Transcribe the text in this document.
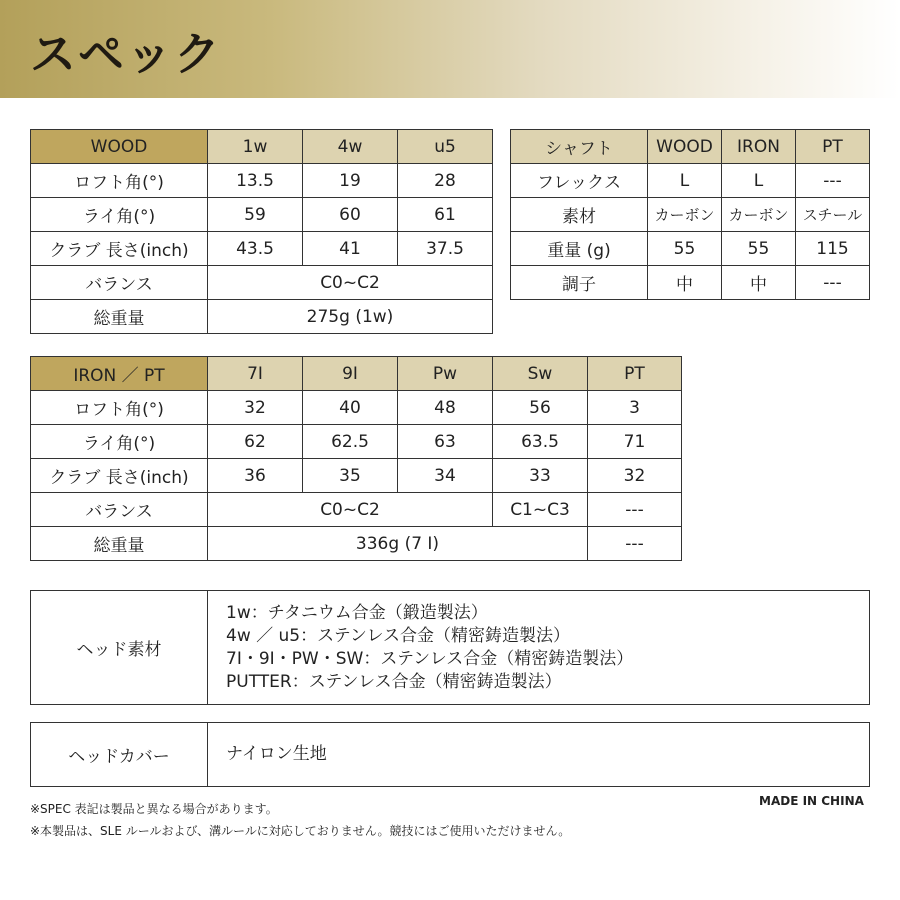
スペック
WOOD	1w	4w	u5
ロフト角(°)	13.5	19	28
ライ角(°)	59	60	61
クラブ 長さ(inch)	43.5	41	37.5
バランス	C0~C2		
総重量	275g (1w)		
シャフト	WOOD	IRON	PT
フレックス	L	L	---
素材	カーボン	カーボン	スチール
重量 (g)	55	55	115
調子	中	中	---
IRON ／ PT	7I	9I	Pw	Sw	PT
ロフト角(°)	32	40	48	56	3
ライ角(°)	62	62.5	63	63.5	71
クラブ 長さ(inch)	36	35	34	33	32
バランス	C0~C2			C1~C3	---
総重量	336g (7 I)				---
ヘッド素材	
1w：チタニウム合金（鍛造製法）
4w ／ u5：ステンレス合金（精密鋳造製法）
7I・9I・PW・SW：ステンレス合金（精密鋳造製法）
PUTTER：ステンレス合金（精密鋳造製法）
ヘッドカバー	ナイロン生地
MADE IN CHINA
※SPEC 表記は製品と異なる場合があります。
※本製品は、SLE ルールおよび、溝ルールに対応しておりません。競技にはご使用いただけません。
